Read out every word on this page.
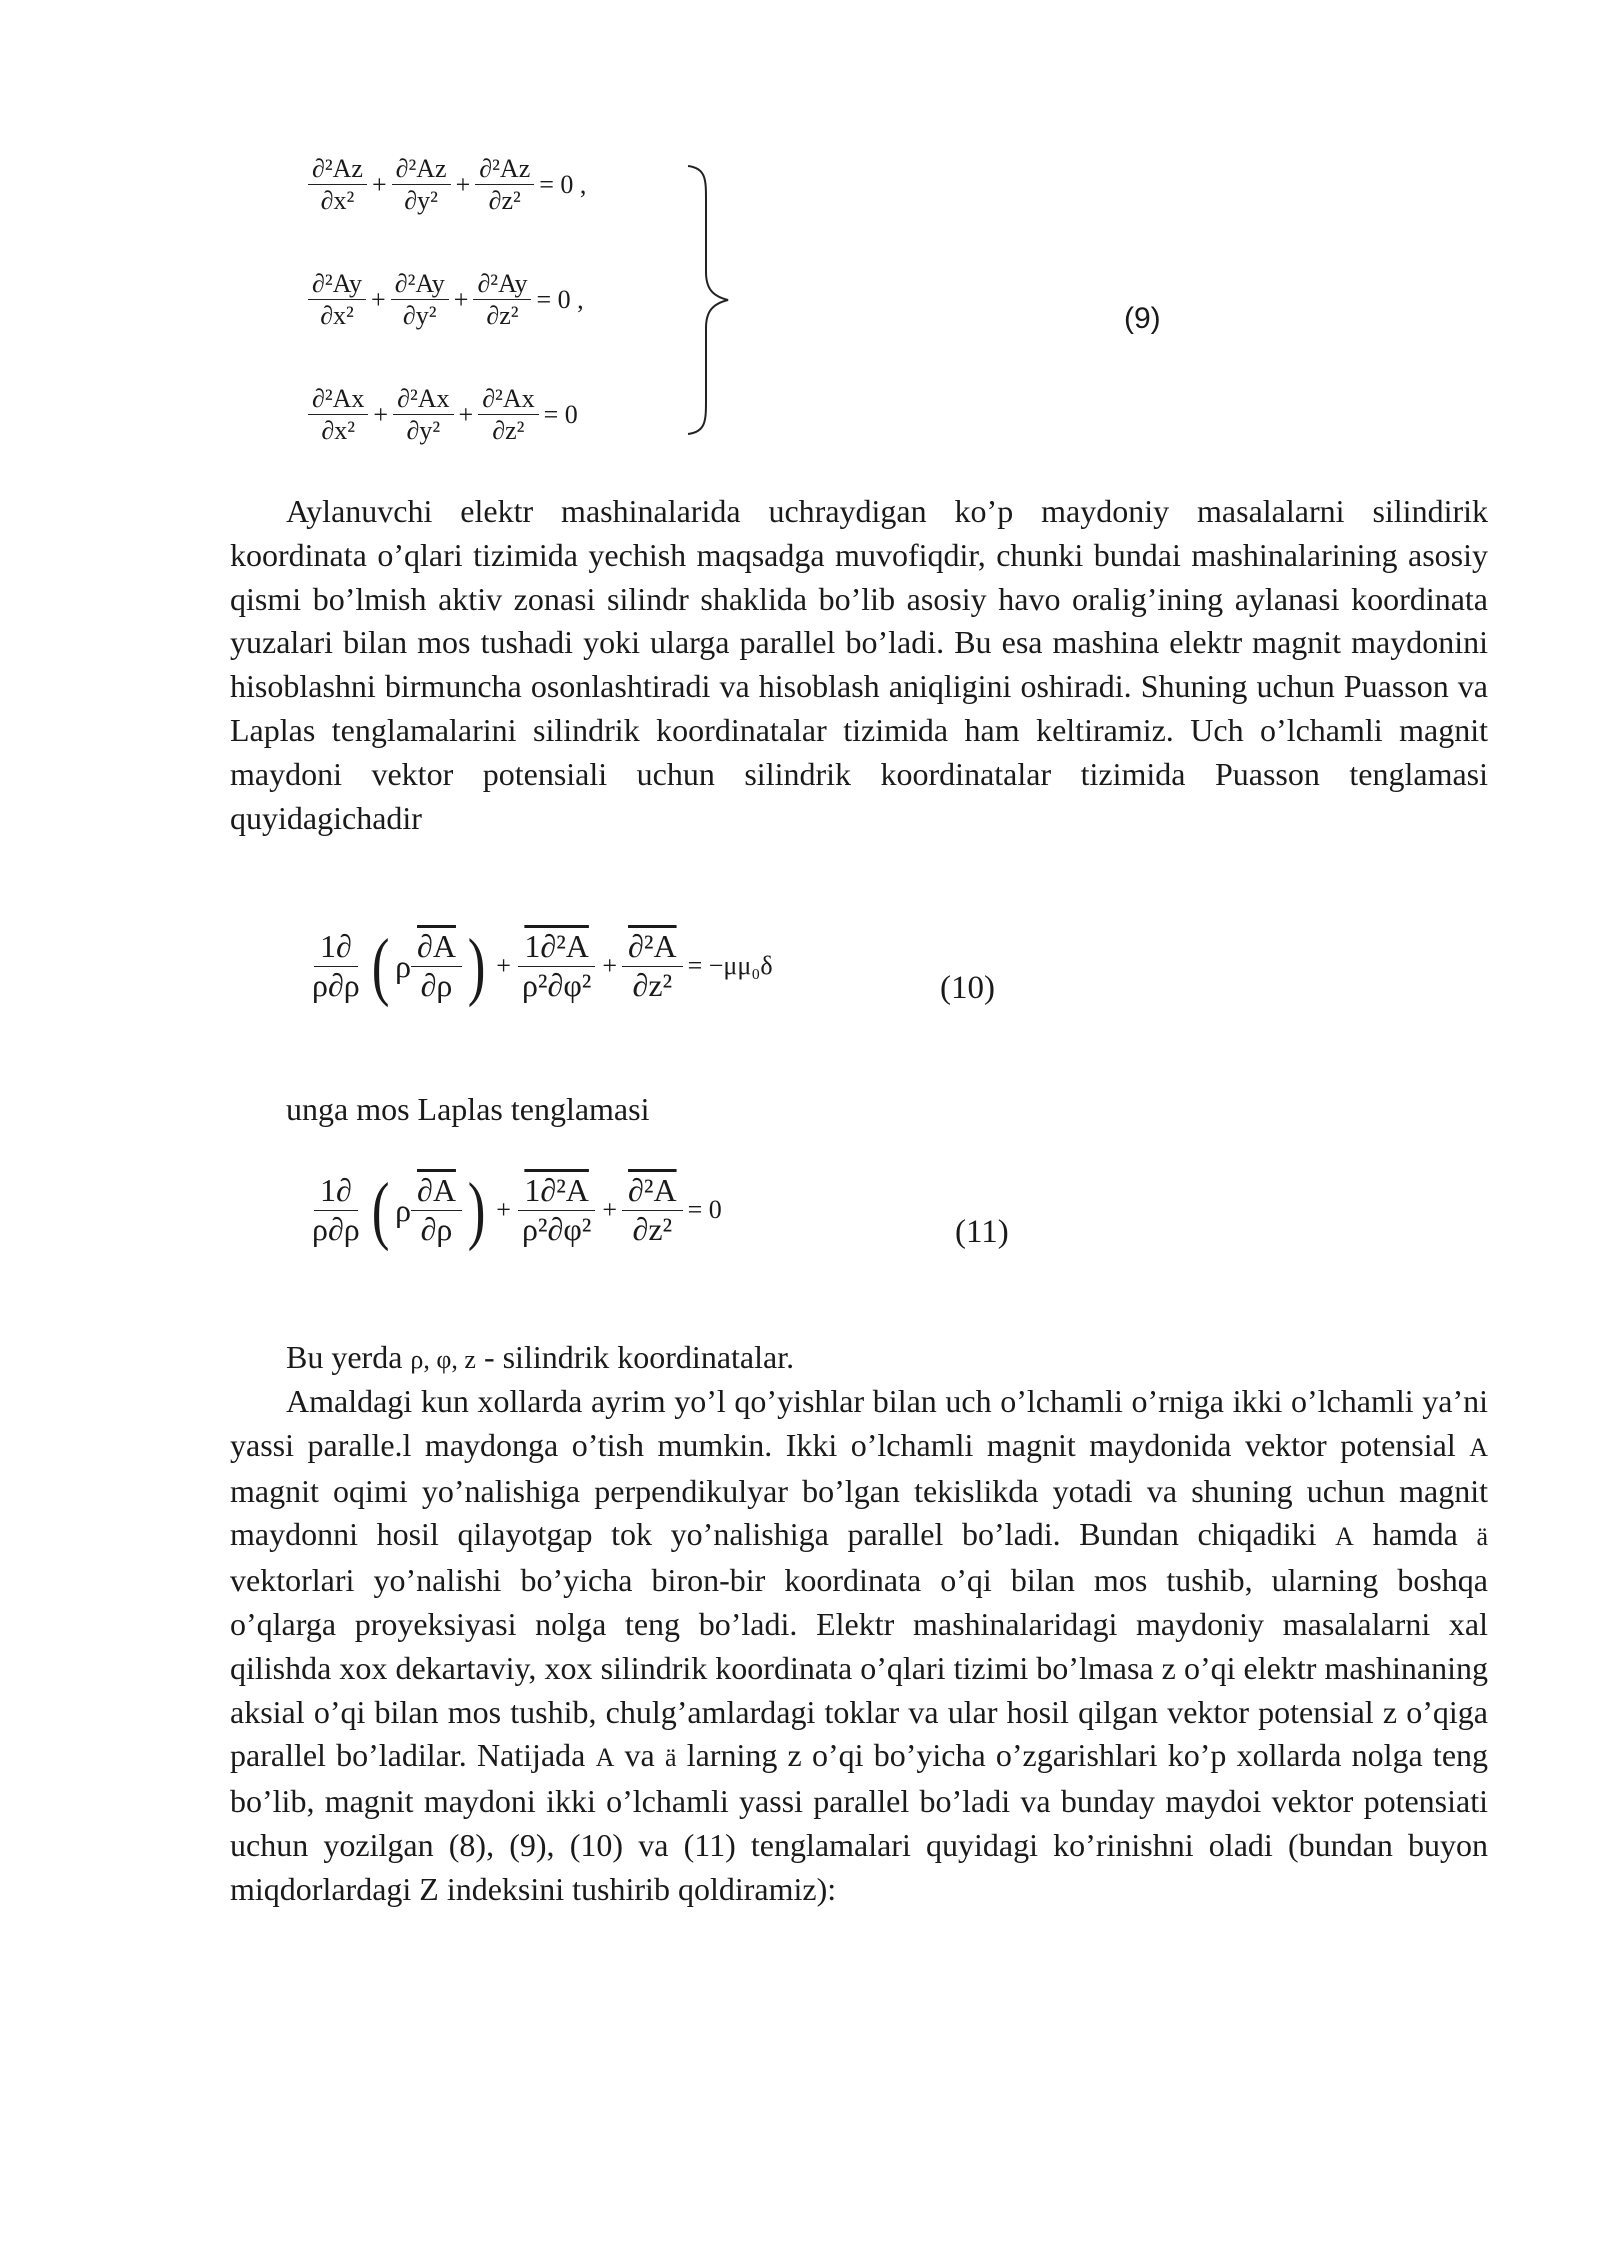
$\frac{\text{∂²Az}}{\text{∂x²}} + \frac{\text{∂²Az}}{\text{∂y²}} + \frac{\text{∂²Az}}{\text{∂z²}} = 0$ ,
$\frac{\text{∂²Ay}}{\text{∂x²}} + \frac{\text{∂²Ay}}{\text{∂y²}} + \frac{\text{∂²Ay}}{\text{∂z²}} = 0$ ,
$\frac{\text{∂²Ax}}{\text{∂x²}} + \frac{\text{∂²Ax}}{\text{∂y²}} + \frac{\text{∂²Ax}}{\text{∂z²}} = 0$
(9)

Aylanuvchi elektr mashinalarida uchraydigan ko’p maydoniy masalalarni silindirik koordinata o’qlari tizimida yechish maqsadga muvofiqdir, chunki bundai mashinalarining asosiy qismi bo’lmish aktiv zonasi silindr shaklida bo’lib asosiy havo oralig’ining aylanasi koordinata yuzalari bilan mos tushadi yoki ularga parallel bo’ladi. Bu esa mashina elektr magnit maydonini hisoblashni birmuncha osonlashtiradi va hisoblash aniqligini oshiradi. Shuning uchun Puasson va Laplas tenglamalarini silindrik koordinatalar tizimida ham keltiramiz. Uch o’lchamli magnit maydoni vektor potensiali uchun silindrik koordinatalar tizimida Puasson tenglamasi quyidagichadir

$\frac{1\partial}{\rho\partial\rho}$ ( ρ $\frac{\partial A}{\partial\rho}$ ) + $\frac{\text{1∂²A}}{\text{ρ²∂φ²}} + \frac{\text{∂²A}}{\text{∂z²}} = -\mu\mu_0\delta$
(10)

unga mos Laplas tenglamasi

$\frac{1\partial}{\rho\partial\rho}$ ( ρ $\frac{\partial A}{\partial\rho}$ ) + $\frac{\text{1∂²A}}{\text{ρ²∂φ²}} + \frac{\text{∂²A}}{\text{∂z²}} = 0$
(11)

Bu yerda ρ, φ, z - silindrik koordinatalar.

Amaldagi kun xollarda ayrim yo’l qo’yishlar bilan uch o’lchamli o’rniga ikki o’lchamli ya’ni yassi paralle.l maydonga o’tish mumkin. Ikki o’lchamli magnit maydonida vektor potensial A magnit oqimi yo’nalishiga perpendikulyar bo’lgan tekislikda yotadi va shuning uchun magnit maydonni hosil qilayotgap tok yo’nalishiga parallel bo’ladi. Bundan chiqadiki A hamda ä vektorlari yo’nalishi bo’yicha biron-bir koordinata o’qi bilan mos tushib, ularning boshqa o’qlarga proyeksiyasi nolga teng bo’ladi. Elektr mashinalaridagi maydoniy masalalarni xal qilishda xox dekartaviy, xox silindrik koordinata o’qlari tizimi bo’lmasa z o’qi elektr mashinaning aksial o’qi bilan mos tushib, chulg’amlardagi toklar va ular hosil qilgan vektor potensial z o’qiga parallel bo’ladilar. Natijada A va ä larning z o’qi bo’yicha o’zgarishlari ko’p xollarda nolga teng bo’lib, magnit maydoni ikki o’lchamli yassi parallel bo’ladi va bunday maydoi vektor potensiati uchun yozilgan (8), (9), (10) va (11) tenglamalari quyidagi ko’rinishni oladi (bundan buyon miqdorlardagi Z indeksini tushirib qoldiramiz):
